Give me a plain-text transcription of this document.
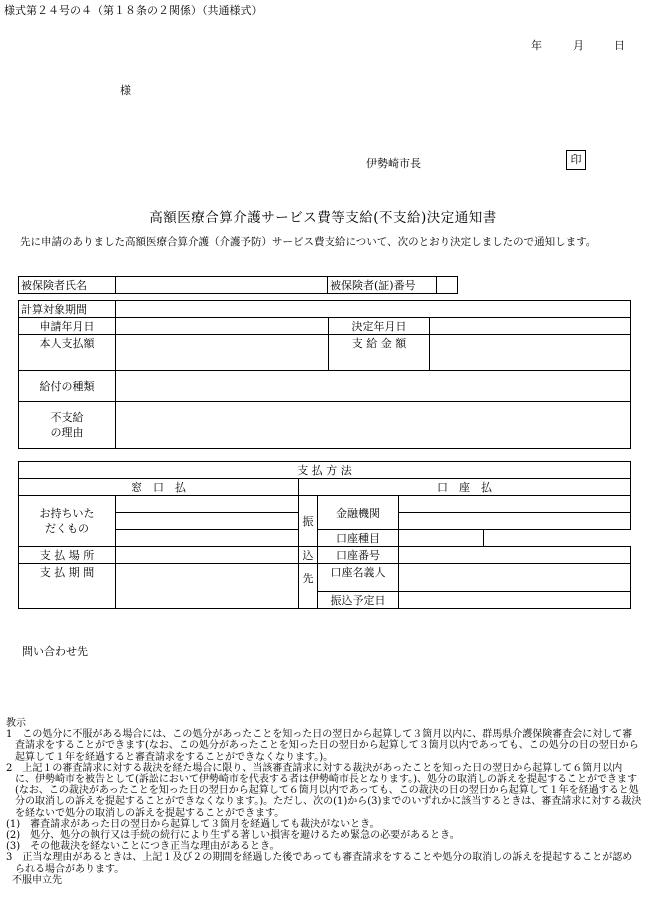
様式第２４号の４（第１８条の２関係）（共通様式）
年	月	日
様
伊勢崎市長	印
高額医療合算介護サービス費等支給(不支給)決定通知書
先に申請のありました高額医療合算介護（介護予防）サービス費支給について、次のとおり決定しましたので通知します。
被保険者氏名		被保険者(証)番号		
計算対象期間			
申請年月日		決定年月日	
本人支払額		支 給 金 額	
給付の種類			
不支給
の理由			
支 払 方 法					
窓　口　払		口　座　払			
お持ちいた
だくもの		振	金融機関		

			口座種目		
支 払 場 所		込	口座番号		
支 払 期 間		先	口座名義人		
			振込予定日		
問い合わせ先

教示

1　この処分に不服がある場合には、この処分があったことを知った日の翌日から起算して３箇月以内に、群馬県介護保険審査会に対して審査請求をすることができます(なお、この処分があったことを知った日の翌日から起算して３箇月以内であっても、この処分の日の翌日から起算して１年を経過すると審査請求をすることができなくなります。)。

2　上記１の審査請求に対する裁決を経た場合に限り、当該審査請求に対する裁決があったことを知った日の翌日から起算して６箇月以内に、伊勢崎市を被告として(訴訟において伊勢崎市を代表する者は伊勢崎市長となります。)、処分の取消しの訴えを提起することができます(なお、この裁決があったことを知った日の翌日から起算して６箇月以内であっても、この裁決の日の翌日から起算して１年を経過すると処分の取消しの訴えを提起することができなくなります。)。ただし、次の(1)から(3)までのいずれかに該当するときは、審査請求に対する裁決を経ないで処分の取消しの訴えを提起することができます。

(1)　審査請求があった日の翌日から起算して３箇月を経過しても裁決がないとき。

(2)　処分、処分の執行又は手続の続行により生ずる著しい損害を避けるため緊急の必要があるとき。

(3)　その他裁決を経ないことにつき正当な理由があるとき。

3　正当な理由があるときは、上記１及び２の期間を経過した後であっても審査請求をすることや処分の取消しの訴えを提起することが認められる場合があります。

不服申立先
